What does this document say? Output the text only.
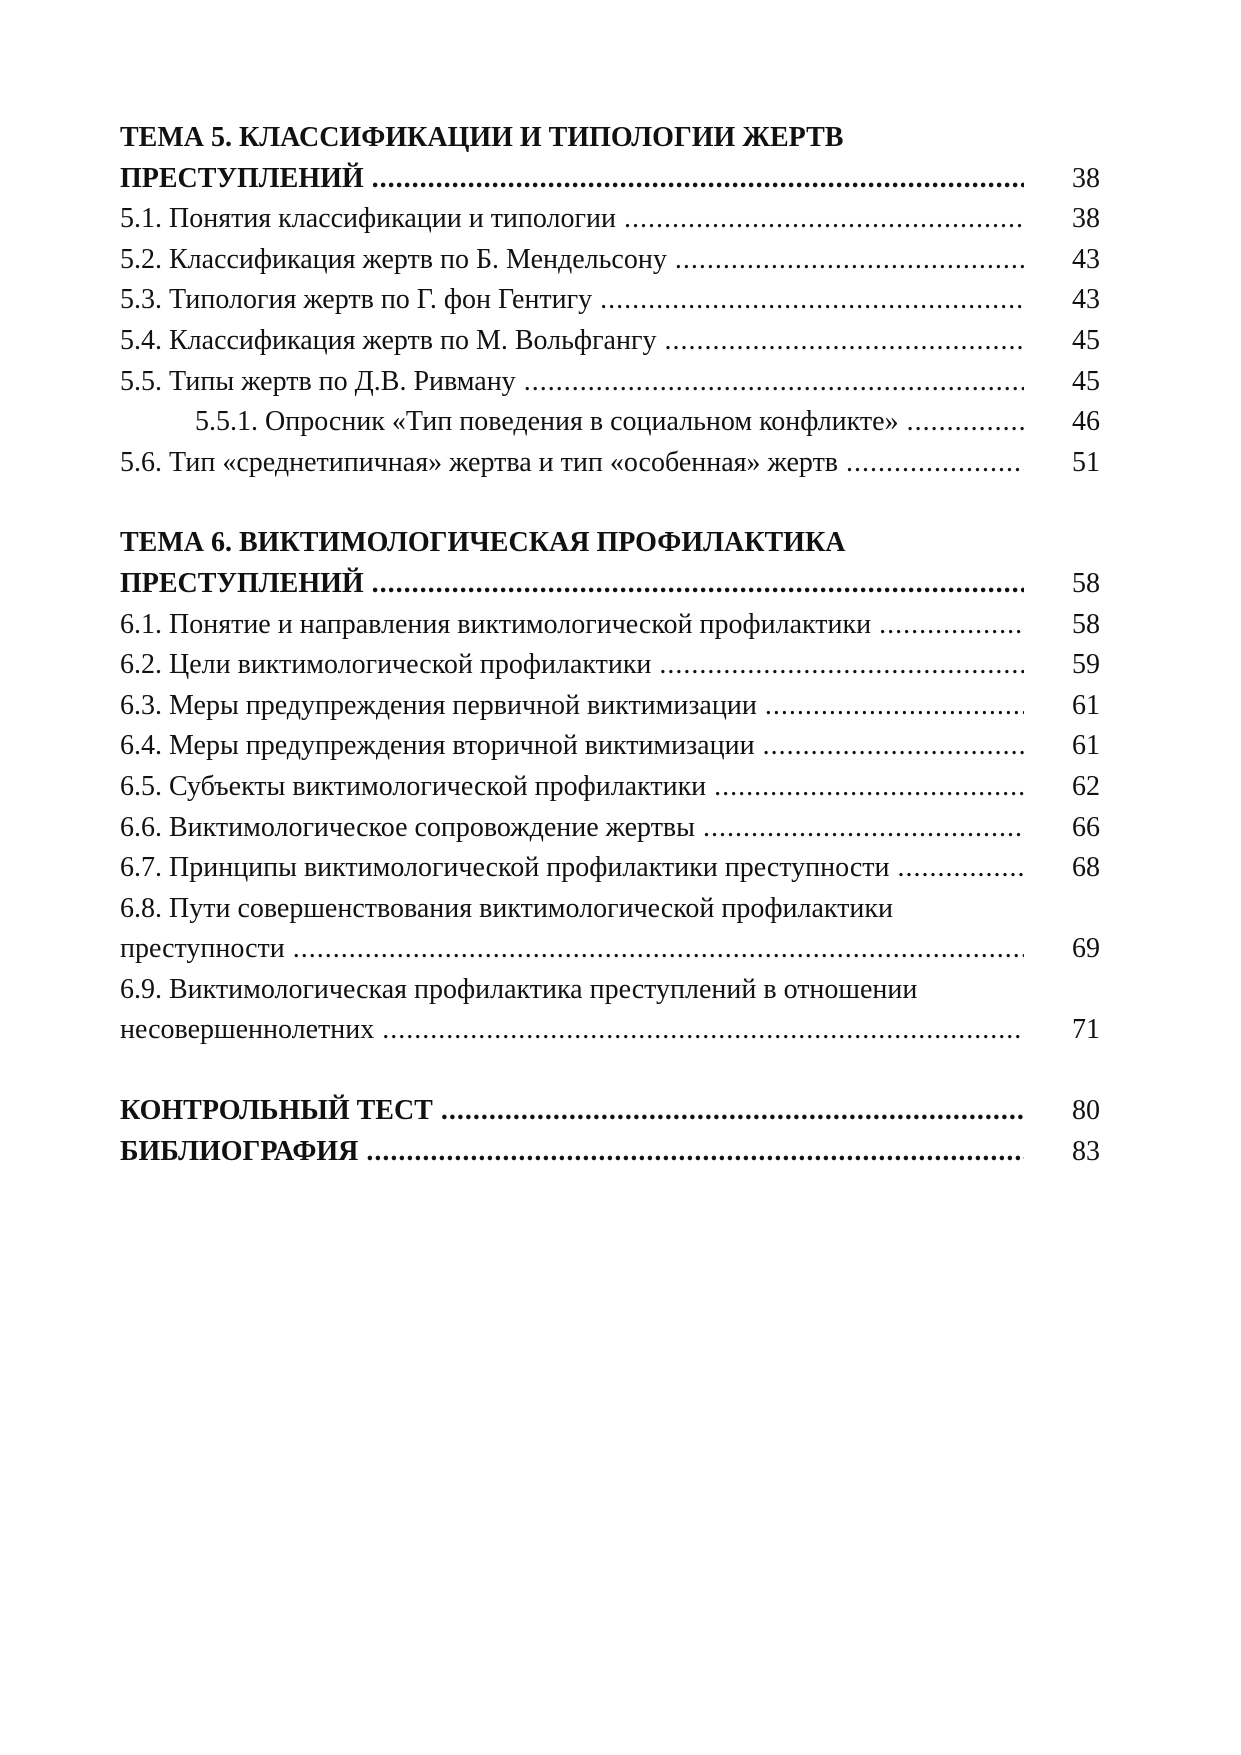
ТЕМА 5. КЛАССИФИКАЦИИ И ТИПОЛОГИИ ЖЕРТВ
ПРЕСТУПЛЕНИЙ .....	38
5.1. Понятия классификации и типологии .....	38
5.2. Классификация жертв по Б. Мендельсону .....	43
5.3. Типология жертв по Г. фон Гентигу .....	43
5.4. Классификация жертв по М. Вольфгангу .....	45
5.5. Типы жертв по Д.В. Ривману .....	45
5.5.1. Опросник «Тип поведения в социальном конфликте» .....	46
5.6. Тип «среднетипичная» жертва и тип «особенная» жертв .....	51
ТЕМА 6. ВИКТИМОЛОГИЧЕСКАЯ ПРОФИЛАКТИКА
ПРЕСТУПЛЕНИЙ .....	58
6.1. Понятие и направления виктимологической профилактики .....	58
6.2. Цели виктимологической профилактики .....	59
6.3. Меры предупреждения первичной виктимизации .....	61
6.4. Меры предупреждения вторичной виктимизации .....	61
6.5. Субъекты виктимологической профилактики .....	62
6.6. Виктимологическое сопровождение жертвы .....	66
6.7. Принципы виктимологической профилактики преступности .....	68
6.8. Пути совершенствования виктимологической профилактики
преступности .....	69
6.9. Виктимологическая профилактика преступлений в отношении
несовершеннолетних .....	71
КОНТРОЛЬНЫЙ ТЕСТ .....	80
БИБЛИОГРАФИЯ .....	83
